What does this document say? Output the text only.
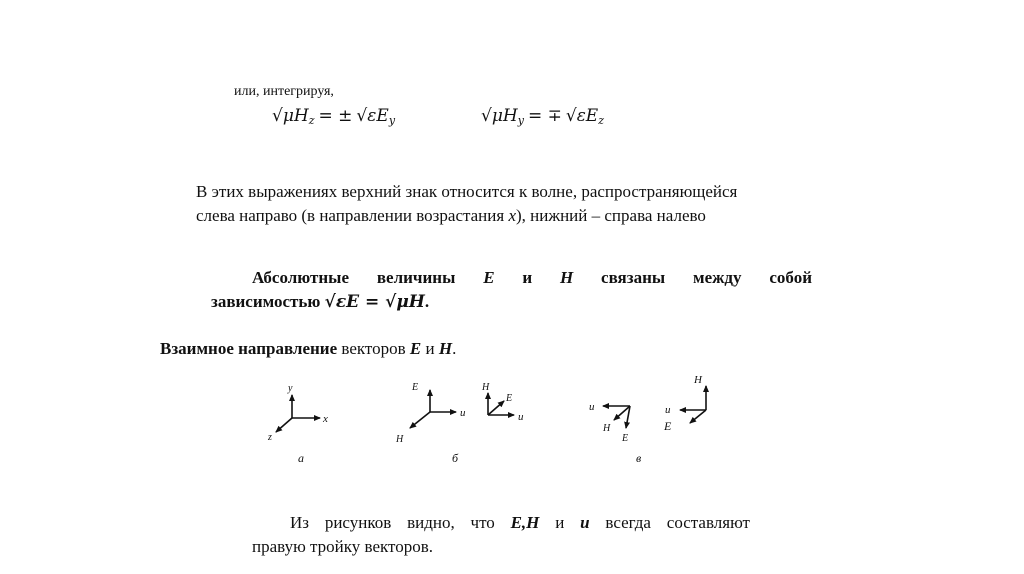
или, интегрируя,
$√\mu H_z$ = ± $√\varepsilon E_y$	$√\mu H_y$ = ∓ $√\varepsilon E_z$
В этих выражениях верхний знак относится к волне, распространяющейся
слева направо (в направлении возрастания x), нижний – справа налево
Абсолютные величины E и H связаны между собой
зависимостью √εE = √μH.
Взаимное направление векторов E и H.
y
x
z
а
E
u
H
E
u
H
б
u
H
E
u
H
E
в
Из рисунков видно, что E,H и u всегда составляют
правую тройку векторов.
